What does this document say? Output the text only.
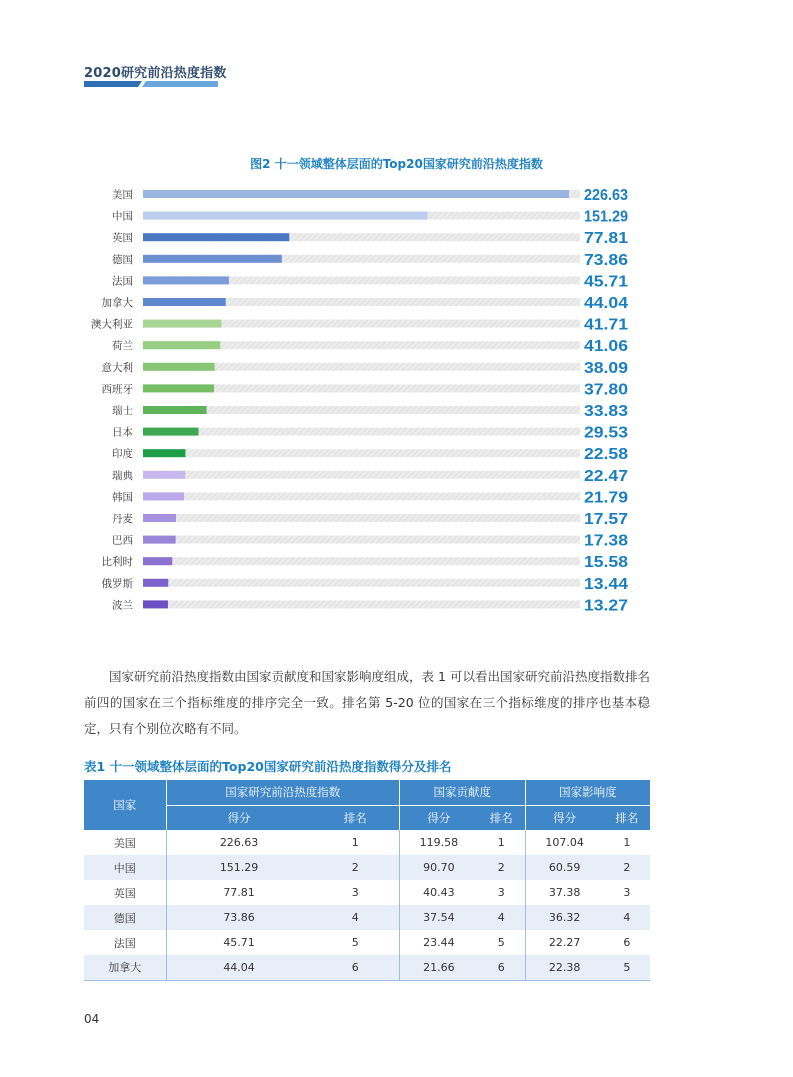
2020研究前沿热度指数
图2 十一领域整体层面的Top20国家研究前沿热度指数
美国	226.63
中国	151.29
英国	77.81
德国	73.86
法国	45.71
加拿大	44.04
澳大利亚	41.71
荷兰	41.06
意大利	38.09
西班牙	37.80
瑞士	33.83
日本	29.53
印度	22.58
瑞典	22.47
韩国	21.79
丹麦	17.57
巴西	17.38
比利时	15.58
俄罗斯	13.44
波兰	13.27

国家研究前沿热度指数由国家贡献度和国家影响度组成，表 1 可以看出国家研究前沿热度指数排名前四的国家在三个指标维度的排序完全一致。排名第 5-20 位的国家在三个指标维度的排序也基本稳定，只有个别位次略有不同。

表1 十一领域整体层面的Top20国家研究前沿热度指数得分及排名
国家	国家研究前沿热度指数		国家贡献度		国家影响度	
	得分	排名	得分	排名	得分	排名
美国	226.63	1	119.58	1	107.04	1
中国	151.29	2	90.70	2	60.59	2
英国	77.81	3	40.43	3	37.38	3
德国	73.86	4	37.54	4	36.32	4
法国	45.71	5	23.44	5	22.27	6
加拿大	44.04	6	21.66	6	22.38	5
04
